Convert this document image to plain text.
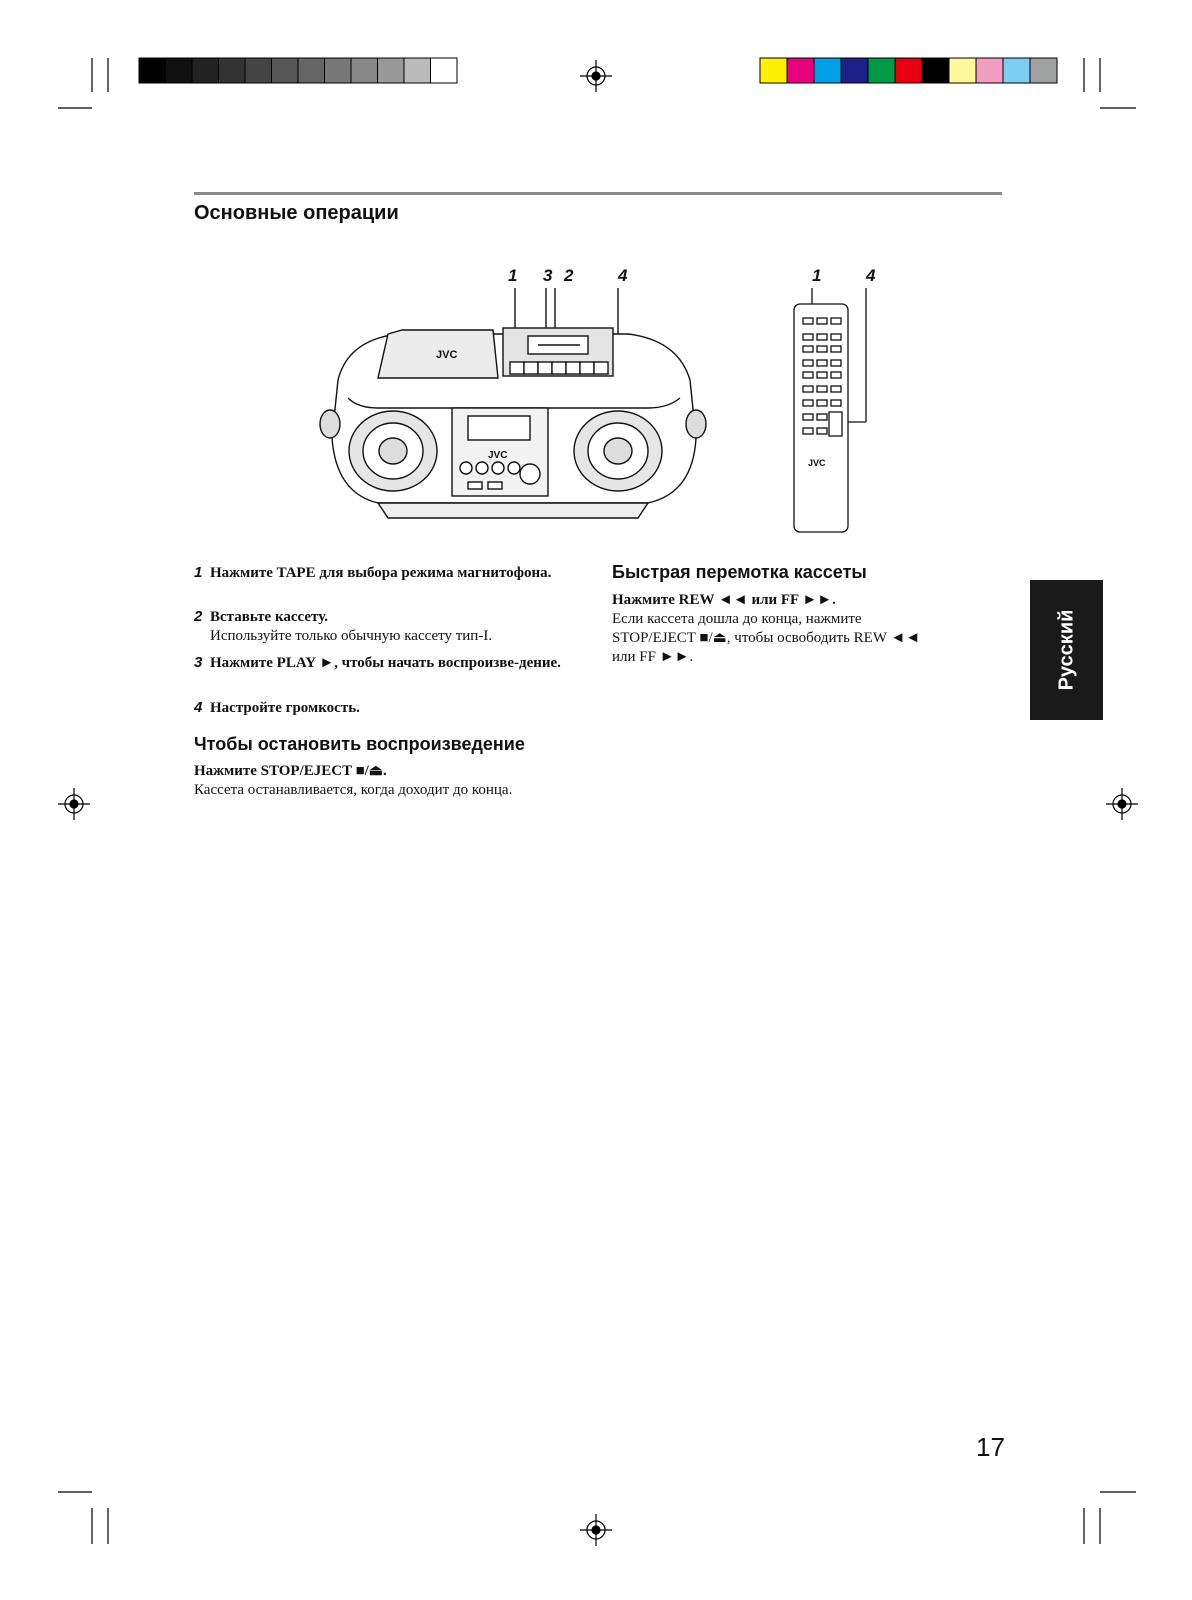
Основные операции
1 3 2	4	1	4
JVC
JVC
JVC
1 Нажмите TAPE для выбора режима магнитофона.
2 Вставьте кассету.
Используйте только обычную кассету тип-I.
3 Нажмите PLAY ►, чтобы начать воспроизве-дение.
4 Настройте громкость.
Чтобы остановить воспроизведение
Нажмите STOP/EJECT ■/⏏.
Кассета останавливается, когда доходит до конца.
Быстрая перемотка кассеты
Нажмите REW ◄◄ или FF ►►.
Если кассета дошла до конца, нажмите
STOP/EJECT ■/⏏, чтобы освободить REW ◄◄
или FF ►►.	Русский
17
